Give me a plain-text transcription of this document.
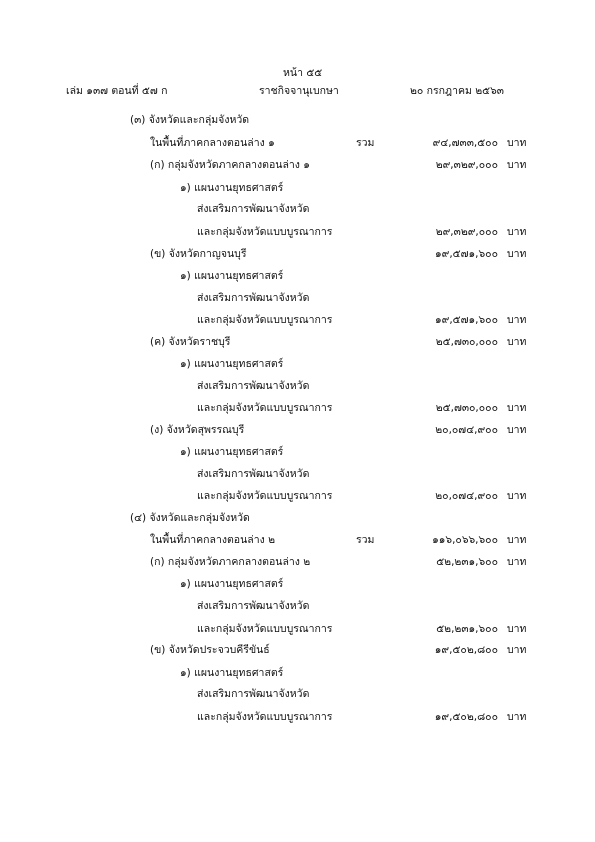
หน้า ๕๕
เล่ม ๑๓๗ ตอนที่ ๕๗ ก	ราชกิจจานุเบกษา	๒๐ กรกฎาคม ๒๕๖๓
(๓) จังหวัดและกลุ่มจังหวัด
ในพื้นที่ภาคกลางตอนล่าง ๑	รวม	๙๔,๗๓๓,๕๐๐ บาท
(ก) กลุ่มจังหวัดภาคกลางตอนล่าง ๑	๒๙,๓๒๙,๐๐๐ บาท
๑) แผนงานยุทธศาสตร์
ส่งเสริมการพัฒนาจังหวัด
และกลุ่มจังหวัดแบบบูรณาการ	๒๙,๓๒๙,๐๐๐ บาท
(ข) จังหวัดกาญจนบุรี	๑๙,๕๗๑,๖๐๐ บาท
๑) แผนงานยุทธศาสตร์
ส่งเสริมการพัฒนาจังหวัด
และกลุ่มจังหวัดแบบบูรณาการ	๑๙,๕๗๑,๖๐๐ บาท
(ค) จังหวัดราชบุรี	๒๕,๗๓๐,๐๐๐ บาท
๑) แผนงานยุทธศาสตร์
ส่งเสริมการพัฒนาจังหวัด
และกลุ่มจังหวัดแบบบูรณาการ	๒๕,๗๓๐,๐๐๐ บาท
(ง) จังหวัดสุพรรณบุรี	๒๐,๐๗๔,๙๐๐ บาท
๑) แผนงานยุทธศาสตร์
ส่งเสริมการพัฒนาจังหวัด
และกลุ่มจังหวัดแบบบูรณาการ	๒๐,๐๗๔,๙๐๐ บาท
(๔) จังหวัดและกลุ่มจังหวัด
ในพื้นที่ภาคกลางตอนล่าง ๒	รวม	๑๑๖,๐๖๖,๖๐๐ บาท
(ก) กลุ่มจังหวัดภาคกลางตอนล่าง ๒	๕๒,๒๓๑,๖๐๐ บาท
๑) แผนงานยุทธศาสตร์
ส่งเสริมการพัฒนาจังหวัด
และกลุ่มจังหวัดแบบบูรณาการ	๕๒,๒๓๑,๖๐๐ บาท
(ข) จังหวัดประจวบคีรีขันธ์	๑๙,๕๐๒,๘๐๐ บาท
๑) แผนงานยุทธศาสตร์
ส่งเสริมการพัฒนาจังหวัด
และกลุ่มจังหวัดแบบบูรณาการ	๑๙,๕๐๒,๘๐๐ บาท
